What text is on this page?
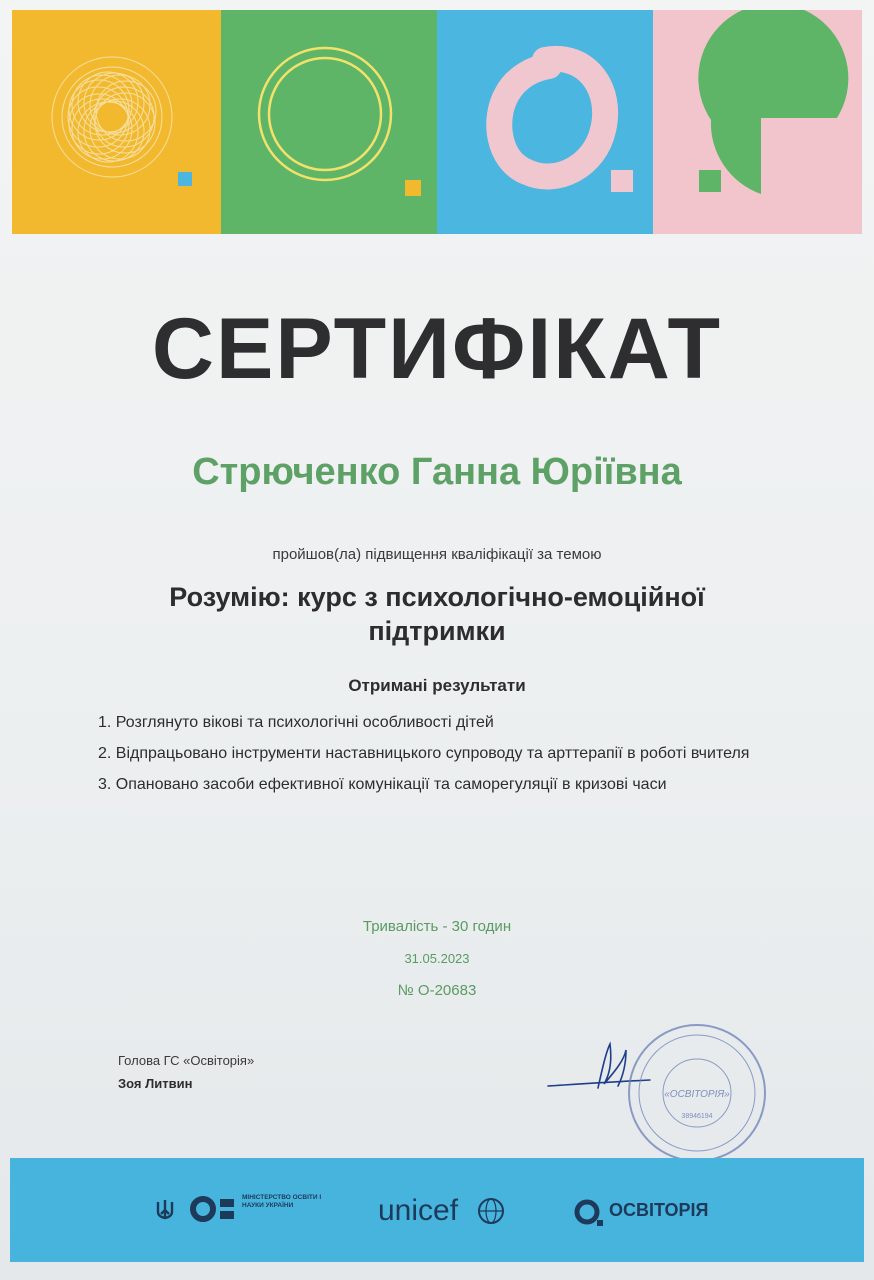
СЕРТИФІКАТ
Стрюченко Ганна Юріївна
пройшов(ла) підвищення кваліфікації за темою
Розумію: курс з психологічно-емоційної
підтримки
Отримані результати
1. Розглянуто вікові та психологічні особливості дітей
2. Відпрацьовано інструменти наставницького супроводу та арттерапії в роботі вчителя
3. Опановано засоби ефективної комунікації та саморегуляції в кризові часи
Тривалість - 30 годин
31.05.2023
№ О-20683
Голова ГС «Освіторія»
Зоя Литвин
«ОСВІТОРІЯ»
38946194
МІНІСТЕРСТВО ОСВІТИ І НАУКИ УКРАЇНИ	unicef	ОСВІТОРІЯ
